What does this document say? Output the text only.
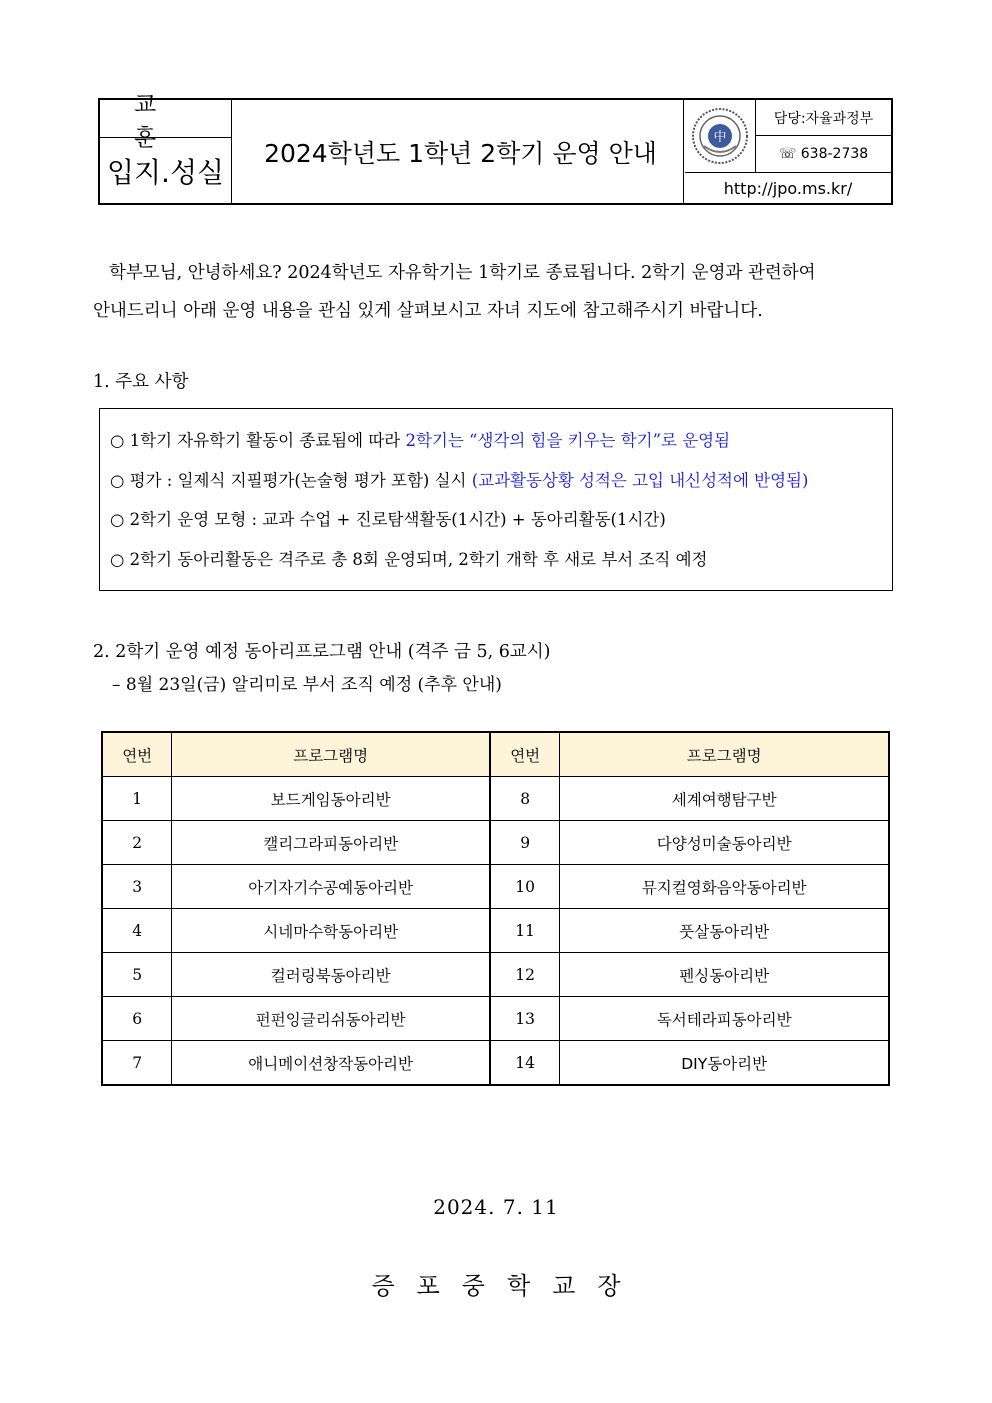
교 훈
입지.성실
2024학년도 1학년 2학기 운영 안내
中
담당:자율과정부
☏ 638-2738
http://jpo.ms.kr/
학부모님, 안녕하세요? 2024학년도 자유학기는 1학기로 종료됩니다. 2학기 운영과 관련하여
안내드리니 아래 운영 내용을 관심 있게 살펴보시고 자녀 지도에 참고해주시기 바랍니다.
1. 주요 사항
○ 1학기 자유학기 활동이 종료됨에 따라 2학기는 “생각의 힘을 키우는 학기”로 운영됨
○ 평가 : 일제식 지필평가(논술형 평가 포함) 실시 (교과활동상황 성적은 고입 내신성적에 반영됨)
○ 2학기 운영 모형 : 교과 수업 + 진로탐색활동(1시간) + 동아리활동(1시간)
○ 2학기 동아리활동은 격주로 총 8회 운영되며, 2학기 개학 후 새로 부서 조직 예정
2. 2학기 운영 예정 동아리프로그램 안내 (격주 금 5, 6교시)
– 8월 23일(금) 알리미로 부서 조직 예정 (추후 안내)
연번	프로그램명	연번	프로그램명
1	보드게임동아리반	8	세계여행탐구반
2	캘리그라피동아리반	9	다양성미술동아리반
3	아기자기수공예동아리반	10	뮤지컬영화음악동아리반
4	시네마수학동아리반	11	풋살동아리반
5	컬러링북동아리반	12	펜싱동아리반
6	펀펀잉글리쉬동아리반	13	독서테라피동아리반
7	애니메이션창작동아리반	14	DIY동아리반
2024. 7. 11
증포중학교장
